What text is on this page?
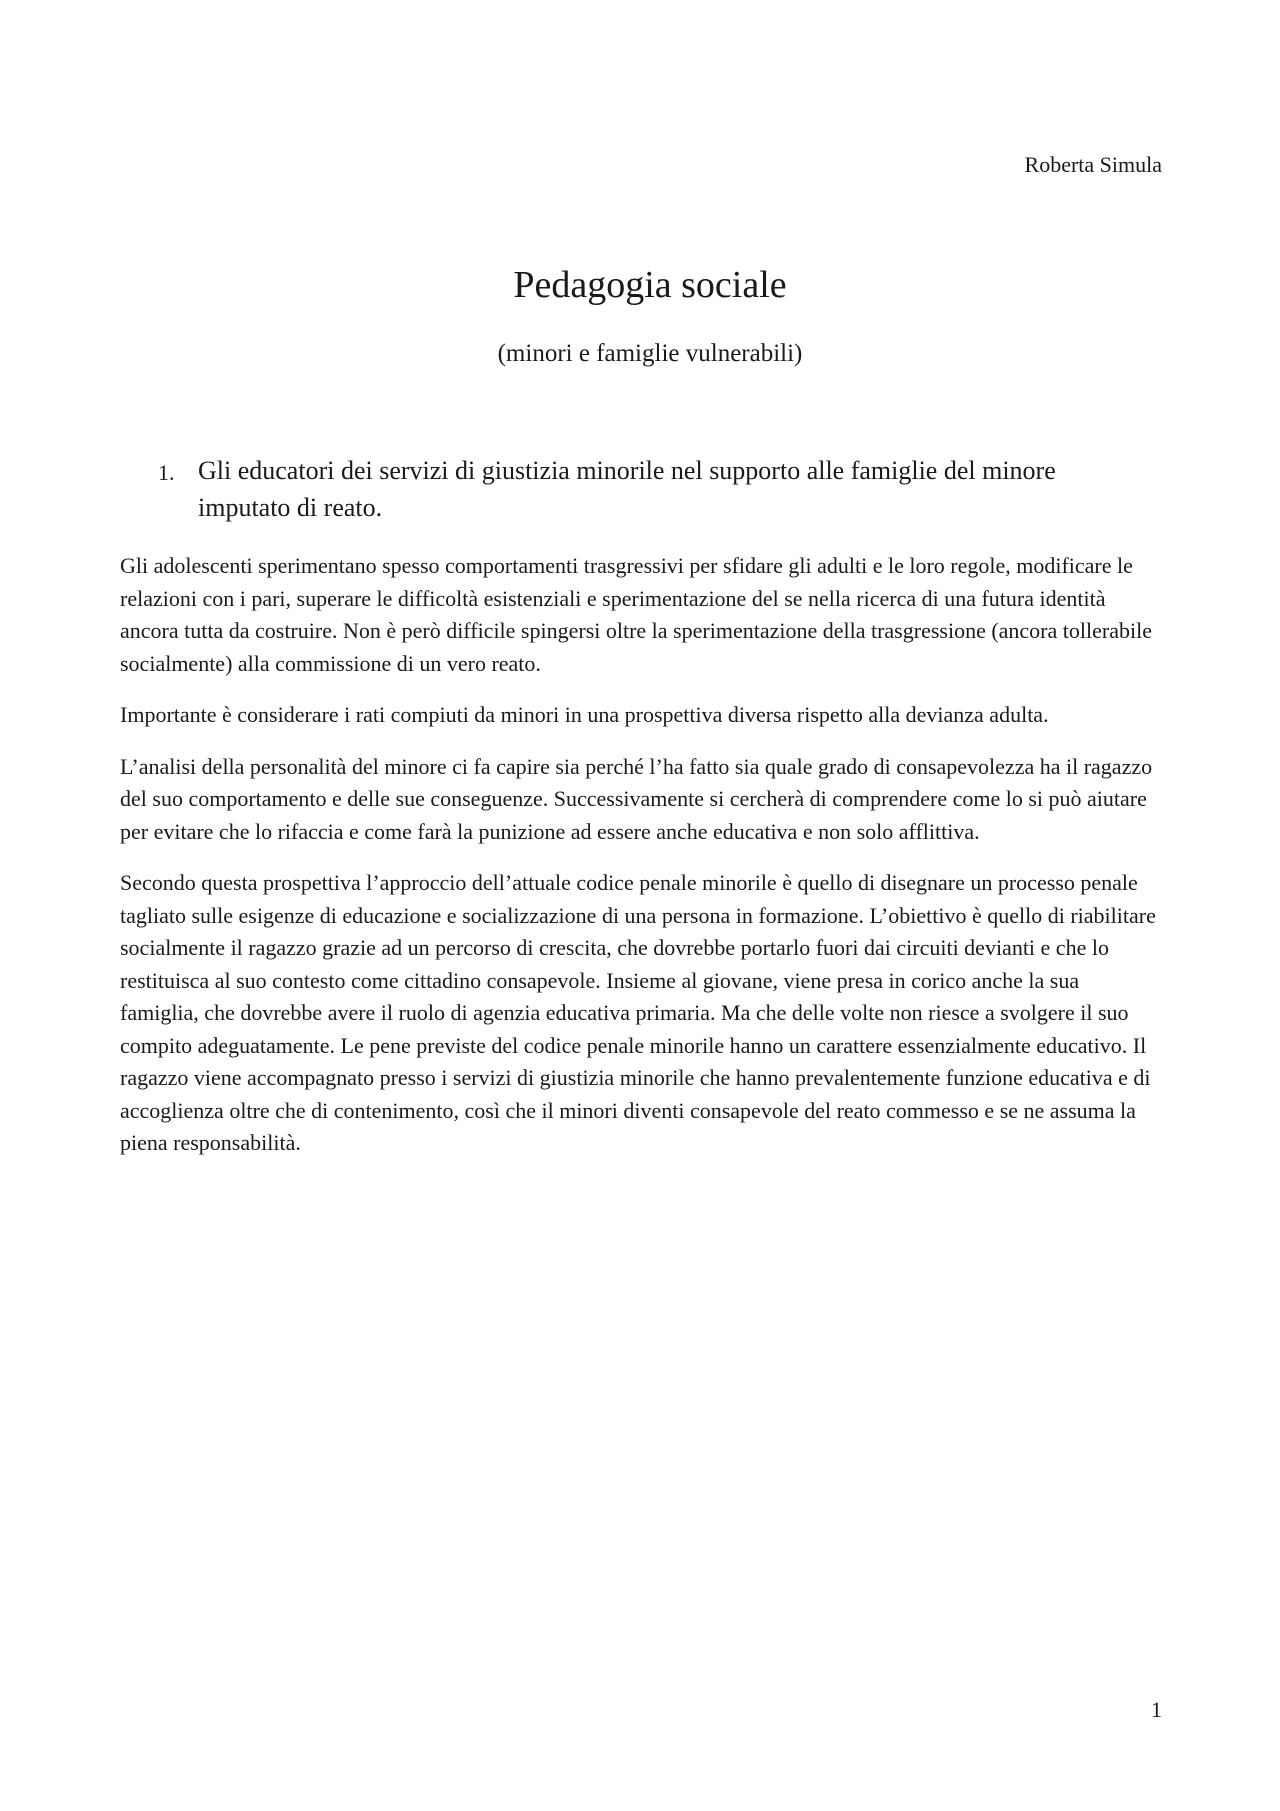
Roberta Simula
Pedagogia sociale
(minori e famiglie vulnerabili)
1. Gli educatori dei servizi di giustizia minorile nel supporto alle famiglie del minore imputato di reato.

Gli adolescenti sperimentano spesso comportamenti trasgressivi per sfidare gli adulti e le loro regole, modificare le relazioni con i pari, superare le difficoltà esistenziali e sperimentazione del se nella ricerca di una futura identità ancora tutta da costruire. Non è però difficile spingersi oltre la sperimentazione della trasgressione (ancora tollerabile socialmente) alla commissione di un vero reato.

Importante è considerare i rati compiuti da minori in una prospettiva diversa rispetto alla devianza adulta.

L’analisi della personalità del minore ci fa capire sia perché l’ha fatto sia quale grado di consapevolezza ha il ragazzo del suo comportamento e delle sue conseguenze. Successivamente si cercherà di comprendere come lo si può aiutare per evitare che lo rifaccia e come farà la punizione ad essere anche educativa e non solo afflittiva.

Secondo questa prospettiva l’approccio dell’attuale codice penale minorile è quello di disegnare un processo penale tagliato sulle esigenze di educazione e socializzazione di una persona in formazione. L’obiettivo è quello di riabilitare socialmente il ragazzo grazie ad un percorso di crescita, che dovrebbe portarlo fuori dai circuiti devianti e che lo restituisca al suo contesto come cittadino consapevole. Insieme al giovane, viene presa in corico anche la sua famiglia, che dovrebbe avere il ruolo di agenzia educativa primaria. Ma che delle volte non riesce a svolgere il suo compito adeguatamente. Le pene previste del codice penale minorile hanno un carattere essenzialmente educativo. Il ragazzo viene accompagnato presso i servizi di giustizia minorile che hanno prevalentemente funzione educativa e di accoglienza oltre che di contenimento, così che il minori diventi consapevole del reato commesso e se ne assuma la piena responsabilità.

1
